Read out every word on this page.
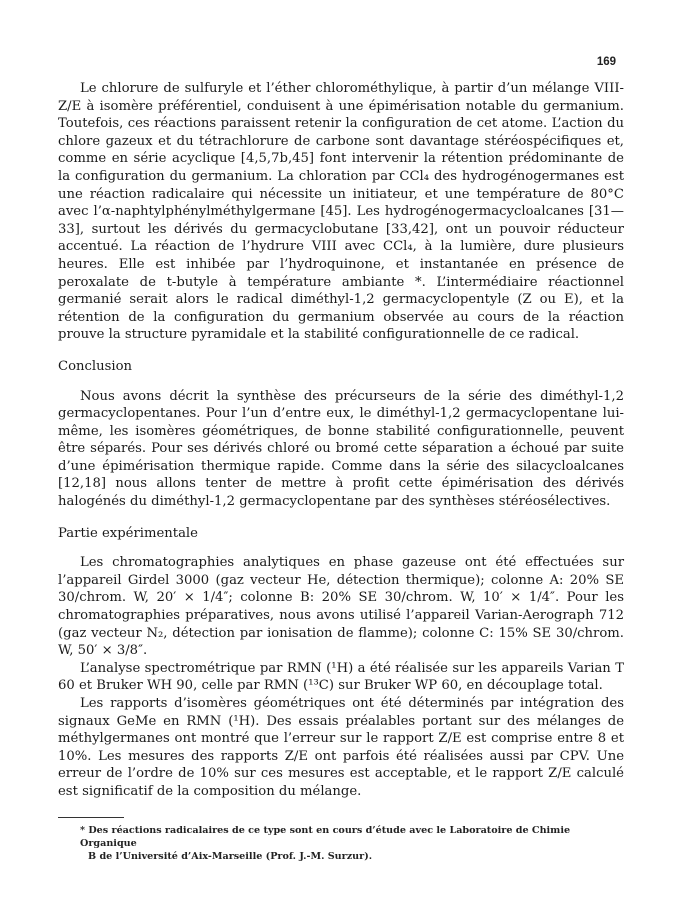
169

Le chlorure de sulfuryle et l’éther chlorométhylique, à partir d’un mélange VIII-Z/E à isomère préférentiel, conduisent à une épimérisation notable du germanium. Toutefois, ces réactions paraissent retenir la configuration de cet atome. L’action du chlore gazeux et du tétrachlorure de carbone sont davantage stéréospécifiques et, comme en série acyclique [4,5,7b,45] font intervenir la rétention prédominante de la configuration du germanium. La chloration par CCl₄ des hydrogénogermanes est une réaction radicalaire qui nécessite un initiateur, et une température de 80°C avec l’α-naphtylphénylméthylgermane [45]. Les hydrogénogermacycloalcanes [31—33], surtout les dérivés du germacyclobutane [33,42], ont un pouvoir réducteur accentué. La réaction de l’hydrure VIII avec CCl₄, à la lumière, dure plusieurs heures. Elle est inhibée par l’hydroquinone, et instantanée en présence de peroxalate de t-butyle à température ambiante *. L’intermédiaire réactionnel germanié serait alors le radical diméthyl-1,2 germacyclopentyle (Z ou E), et la rétention de la configuration du germanium observée au cours de la réaction prouve la structure pyramidale et la stabilité configurationnelle de ce radical.

Conclusion

Nous avons décrit la synthèse des précurseurs de la série des diméthyl-1,2 germacyclopentanes. Pour l’un d’entre eux, le diméthyl-1,2 germacyclopentane lui-même, les isomères géométriques, de bonne stabilité configurationnelle, peuvent être séparés. Pour ses dérivés chloré ou bromé cette séparation a échoué par suite d’une épimérisation thermique rapide. Comme dans la série des silacycloalcanes [12,18] nous allons tenter de mettre à profit cette épimérisation des dérivés halogénés du diméthyl-1,2 germacyclopentane par des synthèses stéréosélectives.

Partie expérimentale

Les chromatographies analytiques en phase gazeuse ont été effectuées sur l’appareil Girdel 3000 (gaz vecteur He, détection thermique); colonne A: 20% SE 30/chrom. W, 20′ × 1/4″; colonne B: 20% SE 30/chrom. W, 10′ × 1/4″. Pour les chromatographies préparatives, nous avons utilisé l’appareil Varian-Aerograph 712 (gaz vecteur N₂, détection par ionisation de flamme); colonne C: 15% SE 30/chrom. W, 50′ × 3/8″.

L’analyse spectrométrique par RMN (¹H) a été réalisée sur les appareils Varian T 60 et Bruker WH 90, celle par RMN (¹³C) sur Bruker WP 60, en découplage total.

Les rapports d’isomères géométriques ont été déterminés par intégration des signaux GeMe en RMN (¹H). Des essais préalables portant sur des mélanges de méthylgermanes ont montré que l’erreur sur le rapport Z/E est comprise entre 8 et 10%. Les mesures des rapports Z/E ont parfois été réalisées aussi par CPV. Une erreur de l’ordre de 10% sur ces mesures est acceptable, et le rapport Z/E calculé est significatif de la composition du mélange.

* Des réactions radicalaires de ce type sont en cours d’étude avec le Laboratoire de Chimie Organique
B de l’Université d’Aix-Marseille (Prof. J.-M. Surzur).
